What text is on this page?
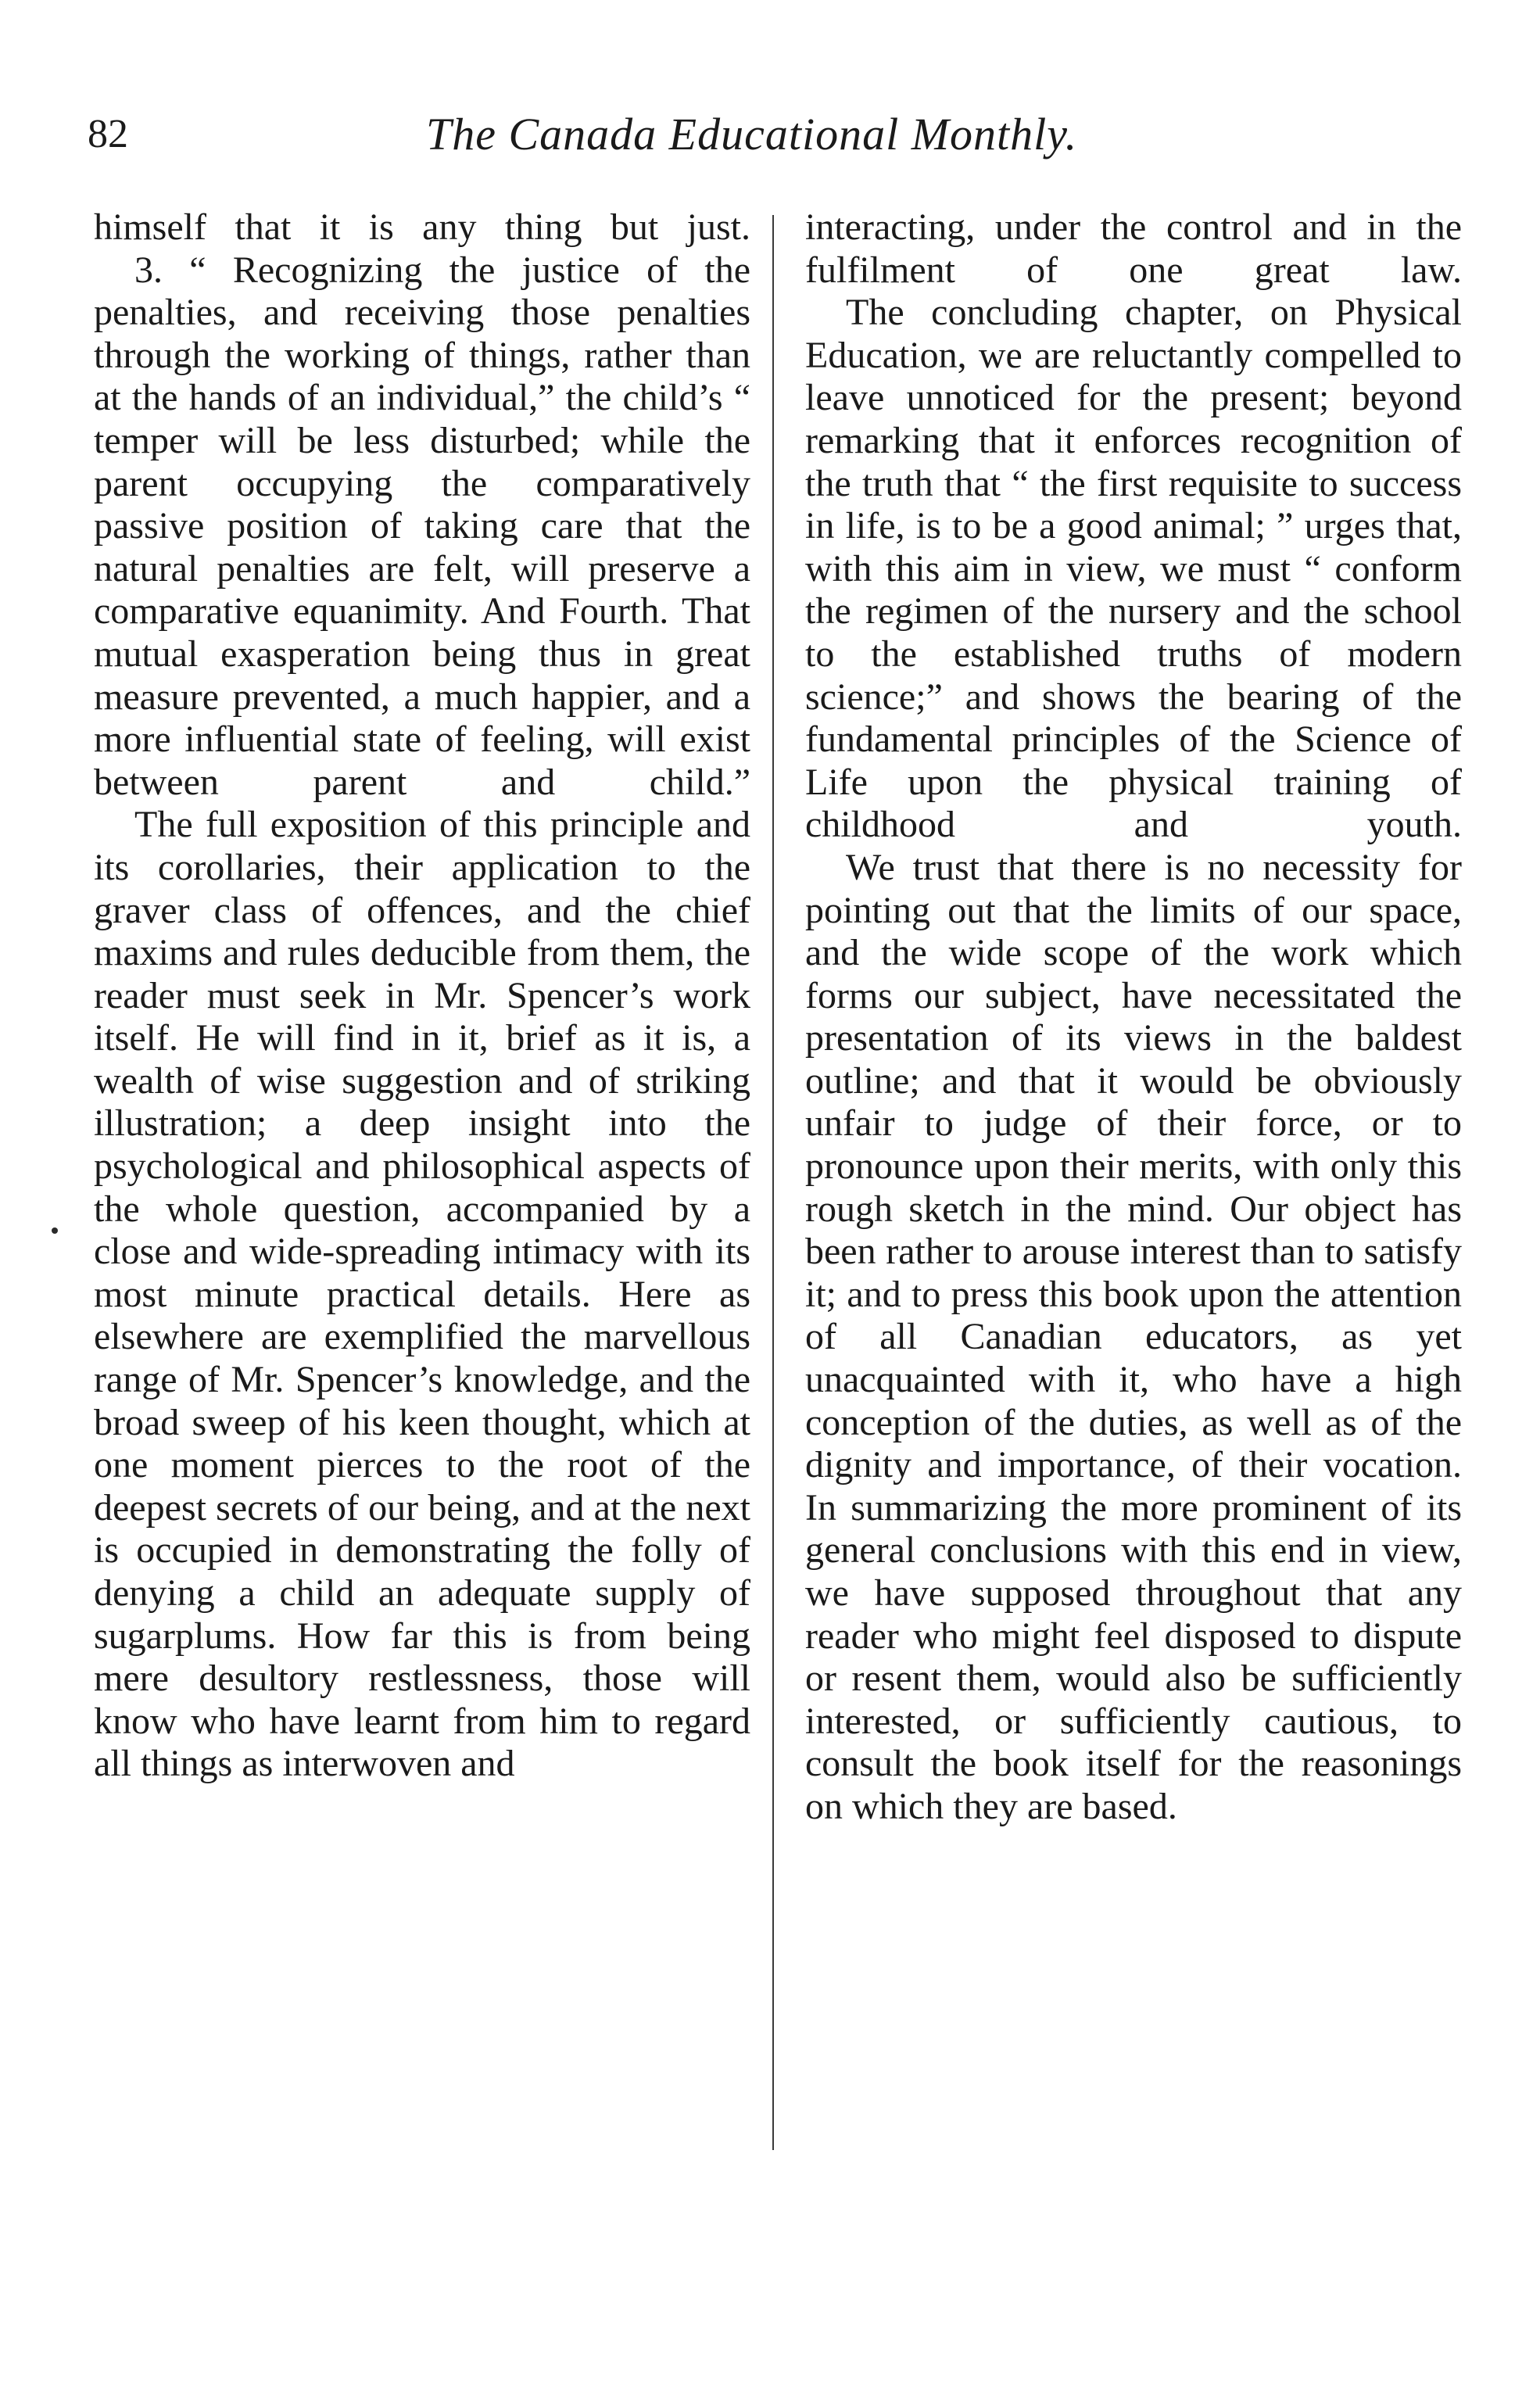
82	The Canada Educational Monthly.

himself that it is any thing but just.

3. “ Recognizing the justice of the penalties, and receiving those penalties through the working of things, rather than at the hands of an individual,” the child’s “ temper will be less disturbed; while the parent occupying the comparatively passive position of taking care that the natural penalties are felt, will preserve a comparative equanimity. And Fourth. That mutual exasperation being thus in great measure prevented, a much happier, and a more influential state of feeling, will exist between parent and child.”

The full exposition of this principle and its corollaries, their application to the graver class of offences, and the chief maxims and rules deducible from them, the reader must seek in Mr. Spencer’s work itself. He will find in it, brief as it is, a wealth of wise suggestion and of striking illustration; a deep insight into the psychological and philosophical aspects of the whole question, accompanied by a close and wide-spreading intimacy with its most minute practical details. Here as elsewhere are exemplified the marvellous range of Mr. Spencer’s knowledge, and the broad sweep of his keen thought, which at one moment pierces to the root of the deepest secrets of our being, and at the next is occupied in demonstrating the folly of denying a child an adequate supply of sugarplums. How far this is from being mere desultory restlessness, those will know who have learnt from him to regard all things as interwoven and

interacting, under the control and in the fulfilment of one great law.

The concluding chapter, on Physical Education, we are reluctantly compelled to leave unnoticed for the present; beyond remarking that it enforces recognition of the truth that “ the first requisite to success in life, is to be a good animal; ” urges that, with this aim in view, we must “ conform the regimen of the nursery and the school to the established truths of modern science;” and shows the bearing of the fundamental principles of the Science of Life upon the physical training of childhood and youth.

We trust that there is no necessity for pointing out that the limits of our space, and the wide scope of the work which forms our subject, have necessitated the presentation of its views in the baldest outline; and that it would be obviously unfair to judge of their force, or to pronounce upon their merits, with only this rough sketch in the mind. Our object has been rather to arouse interest than to satisfy it; and to press this book upon the attention of all Canadian educators, as yet unacquainted with it, who have a high conception of the duties, as well as of the dignity and importance, of their vocation. In summarizing the more prominent of its general conclusions with this end in view, we have supposed throughout that any reader who might feel disposed to dispute or resent them, would also be sufficiently interested, or sufficiently cautious, to consult the book itself for the reasonings on which they are based.
